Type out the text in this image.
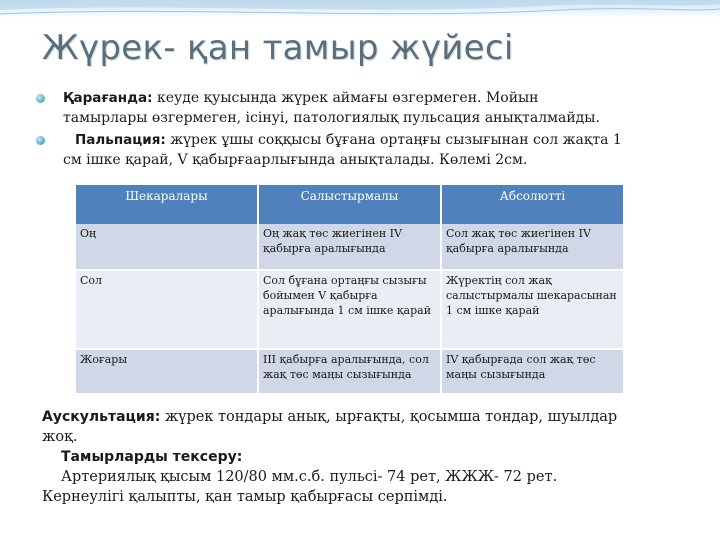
Жүрек- қан тамыр жүйесі
Қарағанда: кеуде қуысында жүрек аймағы өзгермеген. Мойын
тамырлары өзгермеген, ісінуі, патологиялық пульсация анықталмайды.
Пальпация: жүрек ұшы соққысы бұғана ортаңғы сызығынан сол жақта 1
см ішке қарай, V қабырғаарлығында анықталады. Көлемі 2см.
Шекаралары	Салыстырмалы	Абсолютті
Оң	Оң жақ төс жиегінен IV қабырға аралығында	Сол жақ төс жиегінен IV қабырға аралығында
Сол	Сол бұғана ортаңғы сызығы бойымен V қабырға аралығында 1 см ішке қарай	Жүректің сол жақ салыстырмалы шекарасынан 1 см ішке қарай
Жоғары	III қабырға аралығында, сол жақ төс маңы сызығында	IV қабырғада сол жақ төс маңы сызығында
Аускультация: жүрек тондары анық, ырғақты, қосымша тондар, шуылдар
жоқ.
Тамырларды тексеру:
Артериялық қысым 120/80 мм.с.б. пульсі- 74 рет, ЖЖЖ- 72 рет.
Кернеулігі қалыпты, қан тамыр қабырғасы серпімді.
